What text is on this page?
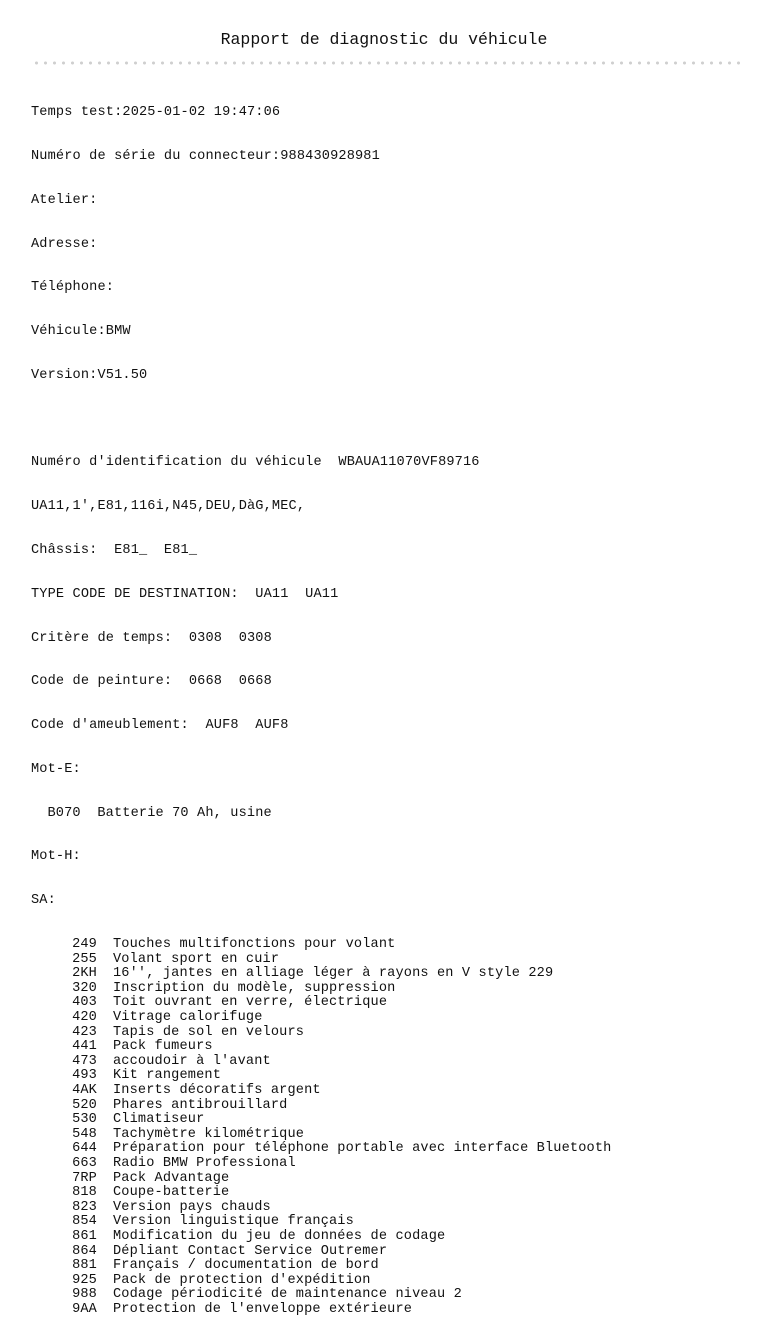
Rapport de diagnostic du véhicule

Temps test:2025-01-02 19:47:06

Numéro de série du connecteur:988430928981

Atelier:

Adresse:

Téléphone:

Véhicule:BMW

Version:V51.50

Numéro d'identification du véhicule  WBAUA11070VF89716

UA11,1',E81,116i,N45,DEU,DàG,MEC,

Châssis:  E81_  E81_

TYPE CODE DE DESTINATION:  UA11  UA11

Critère de temps:  0308  0308

Code de peinture:  0668  0668

Code d'ameublement:  AUF8  AUF8

Mot-E:

B070  Batterie 70 Ah, usine

Mot-H:

SA:

249 Touches multifonctions pour volant
255 Volant sport en cuir
2KH 16'', jantes en alliage léger à rayons en V style 229
320 Inscription du modèle, suppression
403 Toit ouvrant en verre, électrique
420 Vitrage calorifuge
423 Tapis de sol en velours
441 Pack fumeurs
473 accoudoir à l'avant
493 Kit rangement
4AK Inserts décoratifs argent
520 Phares antibrouillard
530 Climatiseur
548 Tachymètre kilométrique
644 Préparation pour téléphone portable avec interface Bluetooth
663 Radio BMW Professional
7RP Pack Advantage
818 Coupe-batterie
823 Version pays chauds
854 Version linguistique français
861 Modification du jeu de données de codage
864 Dépliant Contact Service Outremer
881 Français / documentation de bord
925 Pack de protection d'expédition
988 Codage périodicité de maintenance niveau 2
9AA Protection de l'enveloppe extérieure
